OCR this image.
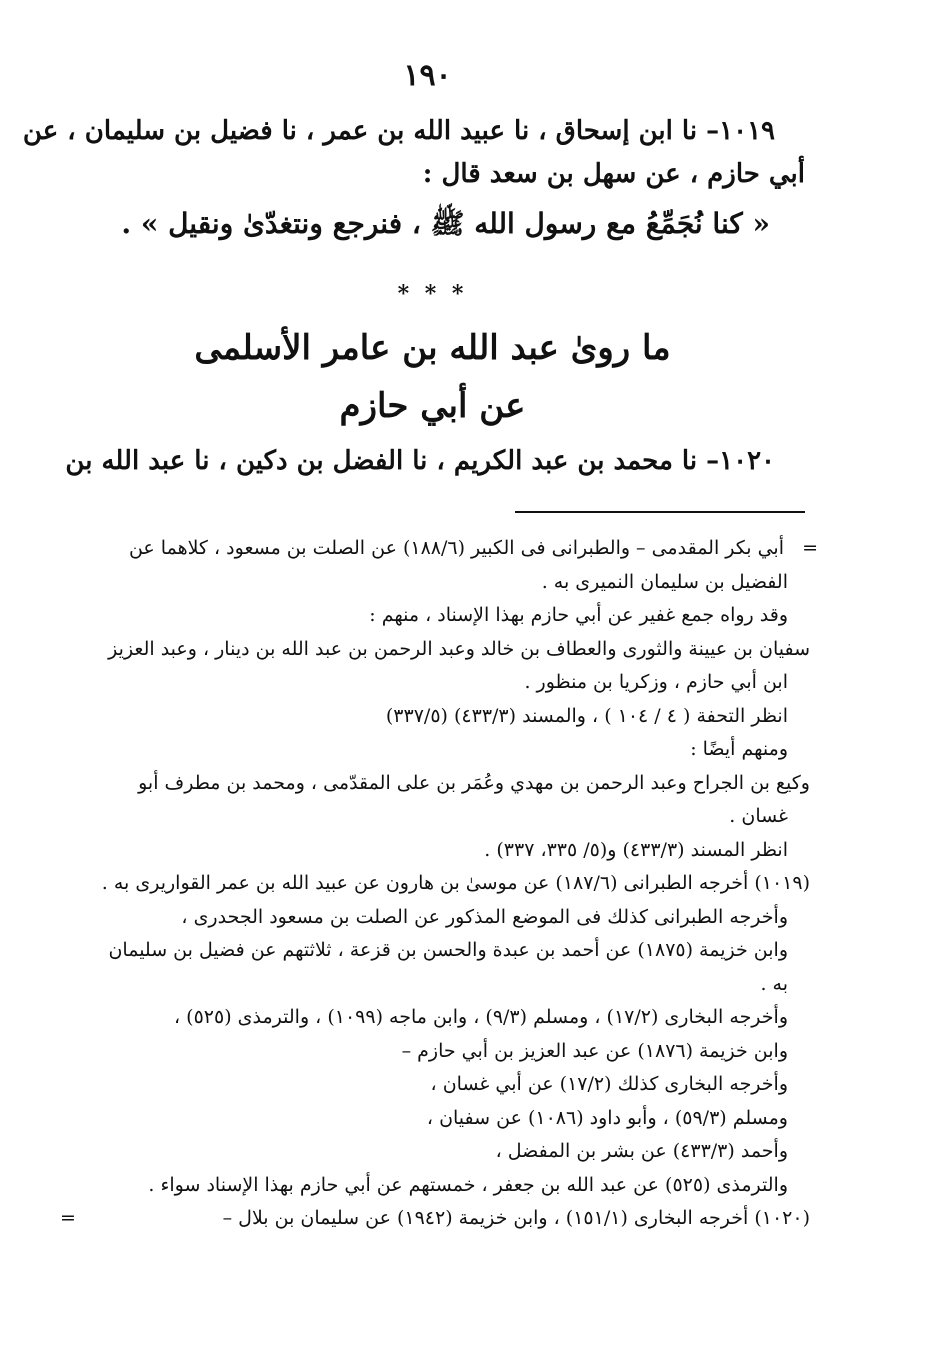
١٩٠
١٠١٩– نا ابن إسحاق ، نا عبيد الله بن عمر ، نا فضيل بن سليمان ، عن
أبي حازم ، عن سهل بن سعد قال :
« كنا نُجَمِّعُ مع رسول الله ﷺ ، فنرجع ونتغدّىٰ ونقيل » .
* * *
ما روىٰ عبد الله بن عامر الأسلمى
عن أبي حازم
١٠٢٠– نا محمد بن عبد الكريم ، نا الفضل بن دكين ، نا عبد الله بن
=
أبي بكر المقدمى – والطبرانى فى الكبير (١٨٨/٦) عن الصلت بن مسعود ، كلاهما عن
الفضيل بن سليمان النميرى به .
وقد رواه جمع غفير عن أبي حازم بهذا الإسناد ، منهم :
سفيان بن عيينة والثورى والعطاف بن خالد وعبد الرحمن بن عبد الله بن دينار ، وعبد العزيز
ابن أبي حازم ، وزكريا بن منظور .
انظر التحفة ( ٤ / ١٠٤ ) ، والمسند (٤٣٣/٣) (٣٣٧/٥)
ومنهم أيضًا :
وكيع بن الجراح وعبد الرحمن بن مهدي وعُمَر بن على المقدّمى ، ومحمد بن مطرف أبو
غسان .
انظر المسند (٤٣٣/٣) و(٥/ ٣٣٥، ٣٣٧) .
(١٠١٩) أخرجه الطبرانى (١٨٧/٦) عن موسىٰ بن هارون عن عبيد الله بن عمر القواريرى به .
وأخرجه الطبرانى كذلك فى الموضع المذكور عن الصلت بن مسعود الجحدرى ،
وابن خزيمة (١٨٧٥) عن أحمد بن عبدة والحسن بن قزعة ، ثلاثتهم عن فضيل بن سليمان
به .
وأخرجه البخارى (١٧/٢) ، ومسلم (٩/٣) ، وابن ماجه (١٠٩٩) ، والترمذى (٥٢٥) ،
وابن خزيمة (١٨٧٦) عن عبد العزيز بن أبي حازم –
وأخرجه البخارى كذلك (١٧/٢) عن أبي غسان ،
ومسلم (٥٩/٣) ، وأبو داود (١٠٨٦) عن سفيان ،
وأحمد (٤٣٣/٣) عن بشر بن المفضل ،
والترمذى (٥٢٥) عن عبد الله بن جعفر ، خمستهم عن أبي حازم بهذا الإسناد سواء .
(١٠٢٠) أخرجه البخارى (١٥١/١) ، وابن خزيمة (١٩٤٢) عن سليمان بن بلال –
=
